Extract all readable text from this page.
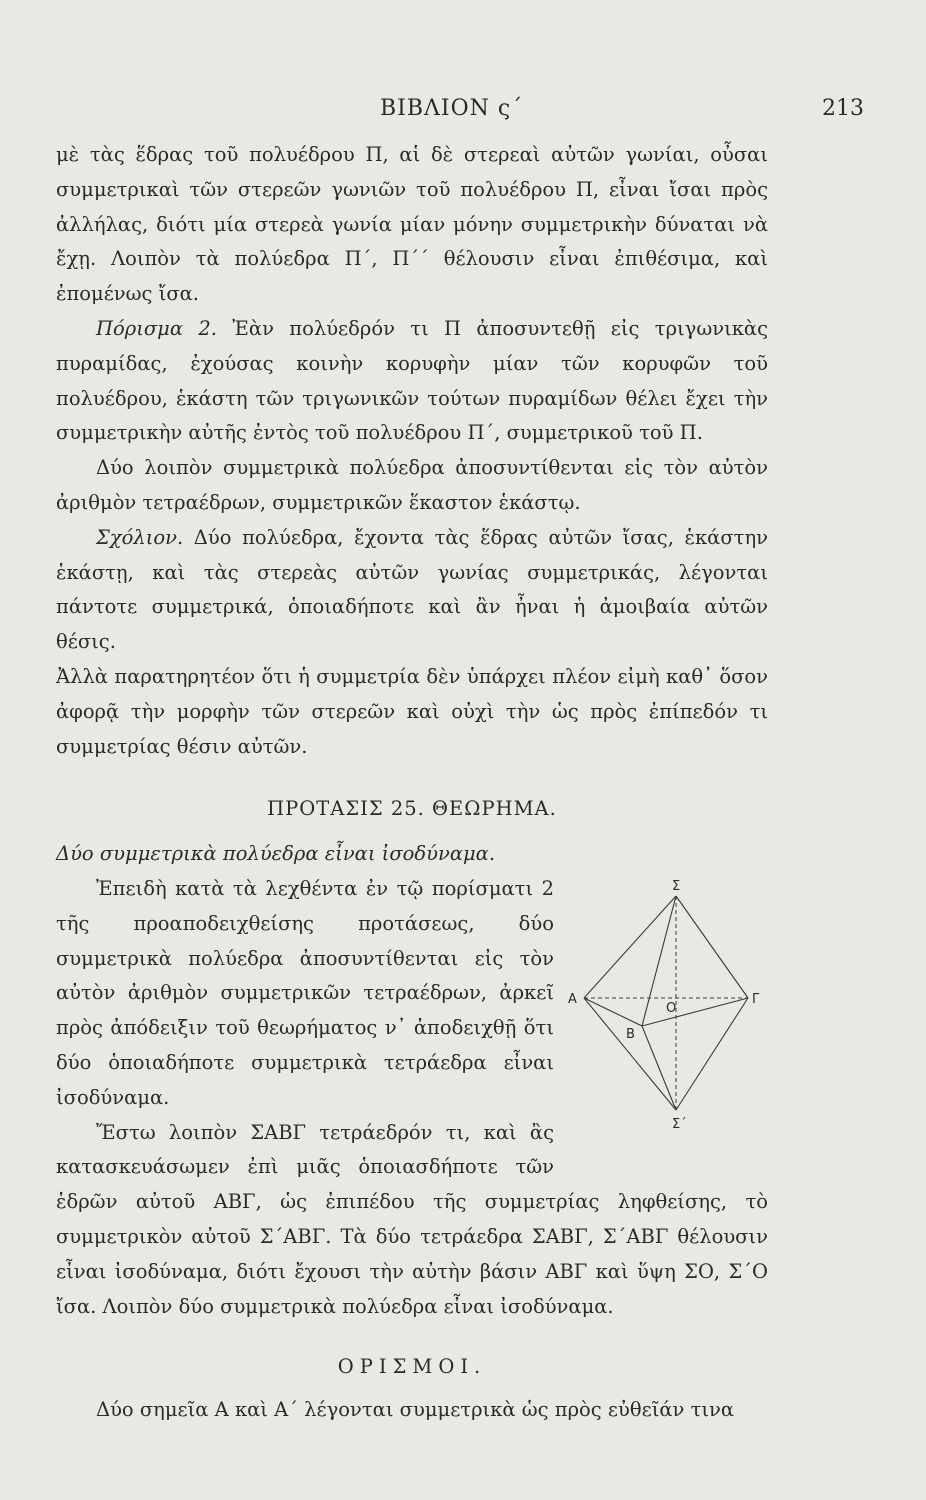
ΒΙΒΛΙΟΝ ς΄	213

μὲ τὰς ἕδρας τοῦ πολυέδρου Π, αἱ δὲ στερεαὶ αὐτῶν γωνίαι, οὖσαι συμμετρικαὶ τῶν στερεῶν γωνιῶν τοῦ πολυέδρου Π, εἶναι ἴσαι πρὸς ἀλλήλας, διότι μία στερεὰ γωνία μίαν μόνην συμμετρικὴν δύναται νὰ ἔχῃ. Λοιπὸν τὰ πολύεδρα Π΄, Π΄΄ θέλουσιν εἶναι ἐπιθέσιμα, καὶ ἐπομένως ἴσα.

Πόρισμα 2. Ἐὰν πολύεδρόν τι Π ἀποσυντεθῇ εἰς τριγωνικὰς πυραμίδας, ἐχούσας κοινὴν κορυφὴν μίαν τῶν κορυφῶν τοῦ πολυέδρου, ἑκάστη τῶν τριγωνικῶν τούτων πυραμίδων θέλει ἔχει τὴν συμμετρικὴν αὐτῆς ἐντὸς τοῦ πολυέδρου Π΄, συμμετρικοῦ τοῦ Π.

Δύο λοιπὸν συμμετρικὰ πολύεδρα ἀποσυντίθενται εἰς τὸν αὐτὸν ἀριθμὸν τετραέδρων, συμμετρικῶν ἕκαστον ἑκάστῳ.

Σχόλιον. Δύο πολύεδρα, ἔχοντα τὰς ἕδρας αὐτῶν ἴσας, ἑκάστην ἑκάστῃ, καὶ τὰς στερεὰς αὐτῶν γωνίας συμμετρικάς, λέγονται πάντοτε συμμετρικά, ὁποιαδήποτε καὶ ἂν ἦναι ἡ ἀμοιβαία αὐτῶν θέσις.

Ἀλλὰ παρατηρητέον ὅτι ἡ συμμετρία δὲν ὑπάρχει πλέον εἰμὴ καθ᾽ ὅσον ἀφορᾷ τὴν μορφὴν τῶν στερεῶν καὶ οὐχὶ τὴν ὡς πρὸς ἐπίπεδόν τι συμμετρίας θέσιν αὐτῶν.

ΠΡΟΤΑΣΙΣ 25. ΘΕΩΡΗΜΑ.

Δύο συμμετρικὰ πολύεδρα εἶναι ἰσοδύναμα.

Σ
Α	Γ
Ο
Β
Σ΄
Ἐπειδὴ κατὰ τὰ λεχθέντα ἐν τῷ πορίσματι 2 τῆς προαποδειχθείσης προτάσεως, δύο συμμετρικὰ πολύεδρα ἀποσυντίθενται εἰς τὸν αὐτὸν ἀριθμὸν συμμετρικῶν τετραέδρων, ἀρκεῖ πρὸς ἀπόδειξιν τοῦ θεωρήματος ν᾽ ἀποδειχθῇ ὅτι δύο ὁποιαδήποτε συμμετρικὰ τετράεδρα εἶναι ἰσοδύναμα.

Ἔστω λοιπὸν ΣΑΒΓ τετράεδρόν τι, καὶ ἂς κατασκευάσωμεν ἐπὶ μιᾶς ὁποιασδήποτε τῶν ἑδρῶν αὐτοῦ ΑΒΓ, ὡς ἐπιπέδου τῆς συμμετρίας ληφθείσης, τὸ συμμετρικὸν αὐτοῦ Σ΄ΑΒΓ. Τὰ δύο τετράεδρα ΣΑΒΓ, Σ΄ΑΒΓ θέλουσιν εἶναι ἰσοδύναμα, διότι ἔχουσι τὴν αὐτὴν βάσιν ΑΒΓ καὶ ὕψη ΣΟ, Σ΄Ο ἴσα. Λοιπὸν δύο συμμετρικὰ πολύεδρα εἶναι ἰσοδύναμα.

ΟΡΙΣΜΟΙ.

Δύο σημεῖα Α καὶ Α΄ λέγονται συμμετρικὰ ὡς πρὸς εὐθεῖάν τινα
